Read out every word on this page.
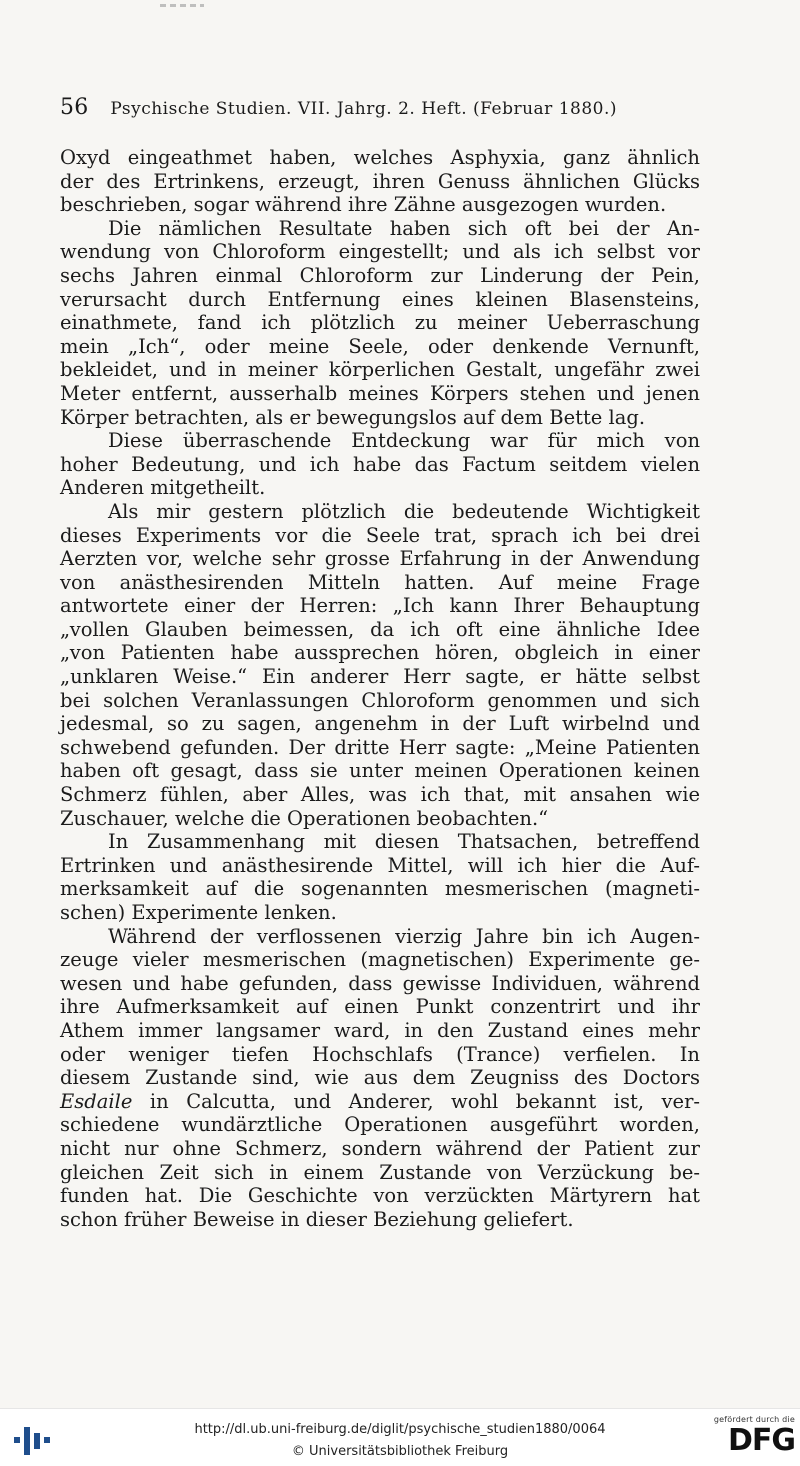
56 Psychische Studien. VII. Jahrg. 2. Heft. (Februar 1880.)
Oxyd eingeathmet haben, welches Asphyxia, ganz ähnlich
der des Ertrinkens, erzeugt, ihren Genuss ähnlichen Glücks
beschrieben, sogar während ihre Zähne ausgezogen wurden.
Die nämlichen Resultate haben sich oft bei der An-
wendung von Chloroform eingestellt; und als ich selbst vor
sechs Jahren einmal Chloroform zur Linderung der Pein,
verursacht durch Entfernung eines kleinen Blasensteins,
einathmete, fand ich plötzlich zu meiner Ueberraschung
mein „Ich“, oder meine Seele, oder denkende Vernunft,
bekleidet, und in meiner körperlichen Gestalt, ungefähr zwei
Meter entfernt, ausserhalb meines Körpers stehen und jenen
Körper betrachten, als er bewegungslos auf dem Bette lag.
Diese überraschende Entdeckung war für mich von
hoher Bedeutung, und ich habe das Factum seitdem vielen
Anderen mitgetheilt.
Als mir gestern plötzlich die bedeutende Wichtigkeit
dieses Experiments vor die Seele trat, sprach ich bei drei
Aerzten vor, welche sehr grosse Erfahrung in der Anwendung
von anästhesirenden Mitteln hatten. Auf meine Frage
antwortete einer der Herren: „Ich kann Ihrer Behauptung
„vollen Glauben beimessen, da ich oft eine ähnliche Idee
„von Patienten habe aussprechen hören, obgleich in einer
„unklaren Weise.“ Ein anderer Herr sagte, er hätte selbst
bei solchen Veranlassungen Chloroform genommen und sich
jedesmal, so zu sagen, angenehm in der Luft wirbelnd und
schwebend gefunden. Der dritte Herr sagte: „Meine Patienten
haben oft gesagt, dass sie unter meinen Operationen keinen
Schmerz fühlen, aber Alles, was ich that, mit ansahen wie
Zuschauer, welche die Operationen beobachten.“
In Zusammenhang mit diesen Thatsachen, betreffend
Ertrinken und anästhesirende Mittel, will ich hier die Auf-
merksamkeit auf die sogenannten mesmerischen (magneti-
schen) Experimente lenken.
Während der verflossenen vierzig Jahre bin ich Augen-
zeuge vieler mesmerischen (magnetischen) Experimente ge-
wesen und habe gefunden, dass gewisse Individuen, während
ihre Aufmerksamkeit auf einen Punkt conzentrirt und ihr
Athem immer langsamer ward, in den Zustand eines mehr
oder weniger tiefen Hochschlafs (Trance) verfielen. In
diesem Zustande sind, wie aus dem Zeugniss des Doctors
Esdaile in Calcutta, und Anderer, wohl bekannt ist, ver-
schiedene wundärztliche Operationen ausgeführt worden,
nicht nur ohne Schmerz, sondern während der Patient zur
gleichen Zeit sich in einem Zustande von Verzückung be-
funden hat. Die Geschichte von verzückten Märtyrern hat
schon früher Beweise in dieser Beziehung geliefert.
http://dl.ub.uni-freiburg.de/diglit/psychische_studien1880/0064
© Universitätsbibliothek Freiburg
gefördert durch die
DFG
